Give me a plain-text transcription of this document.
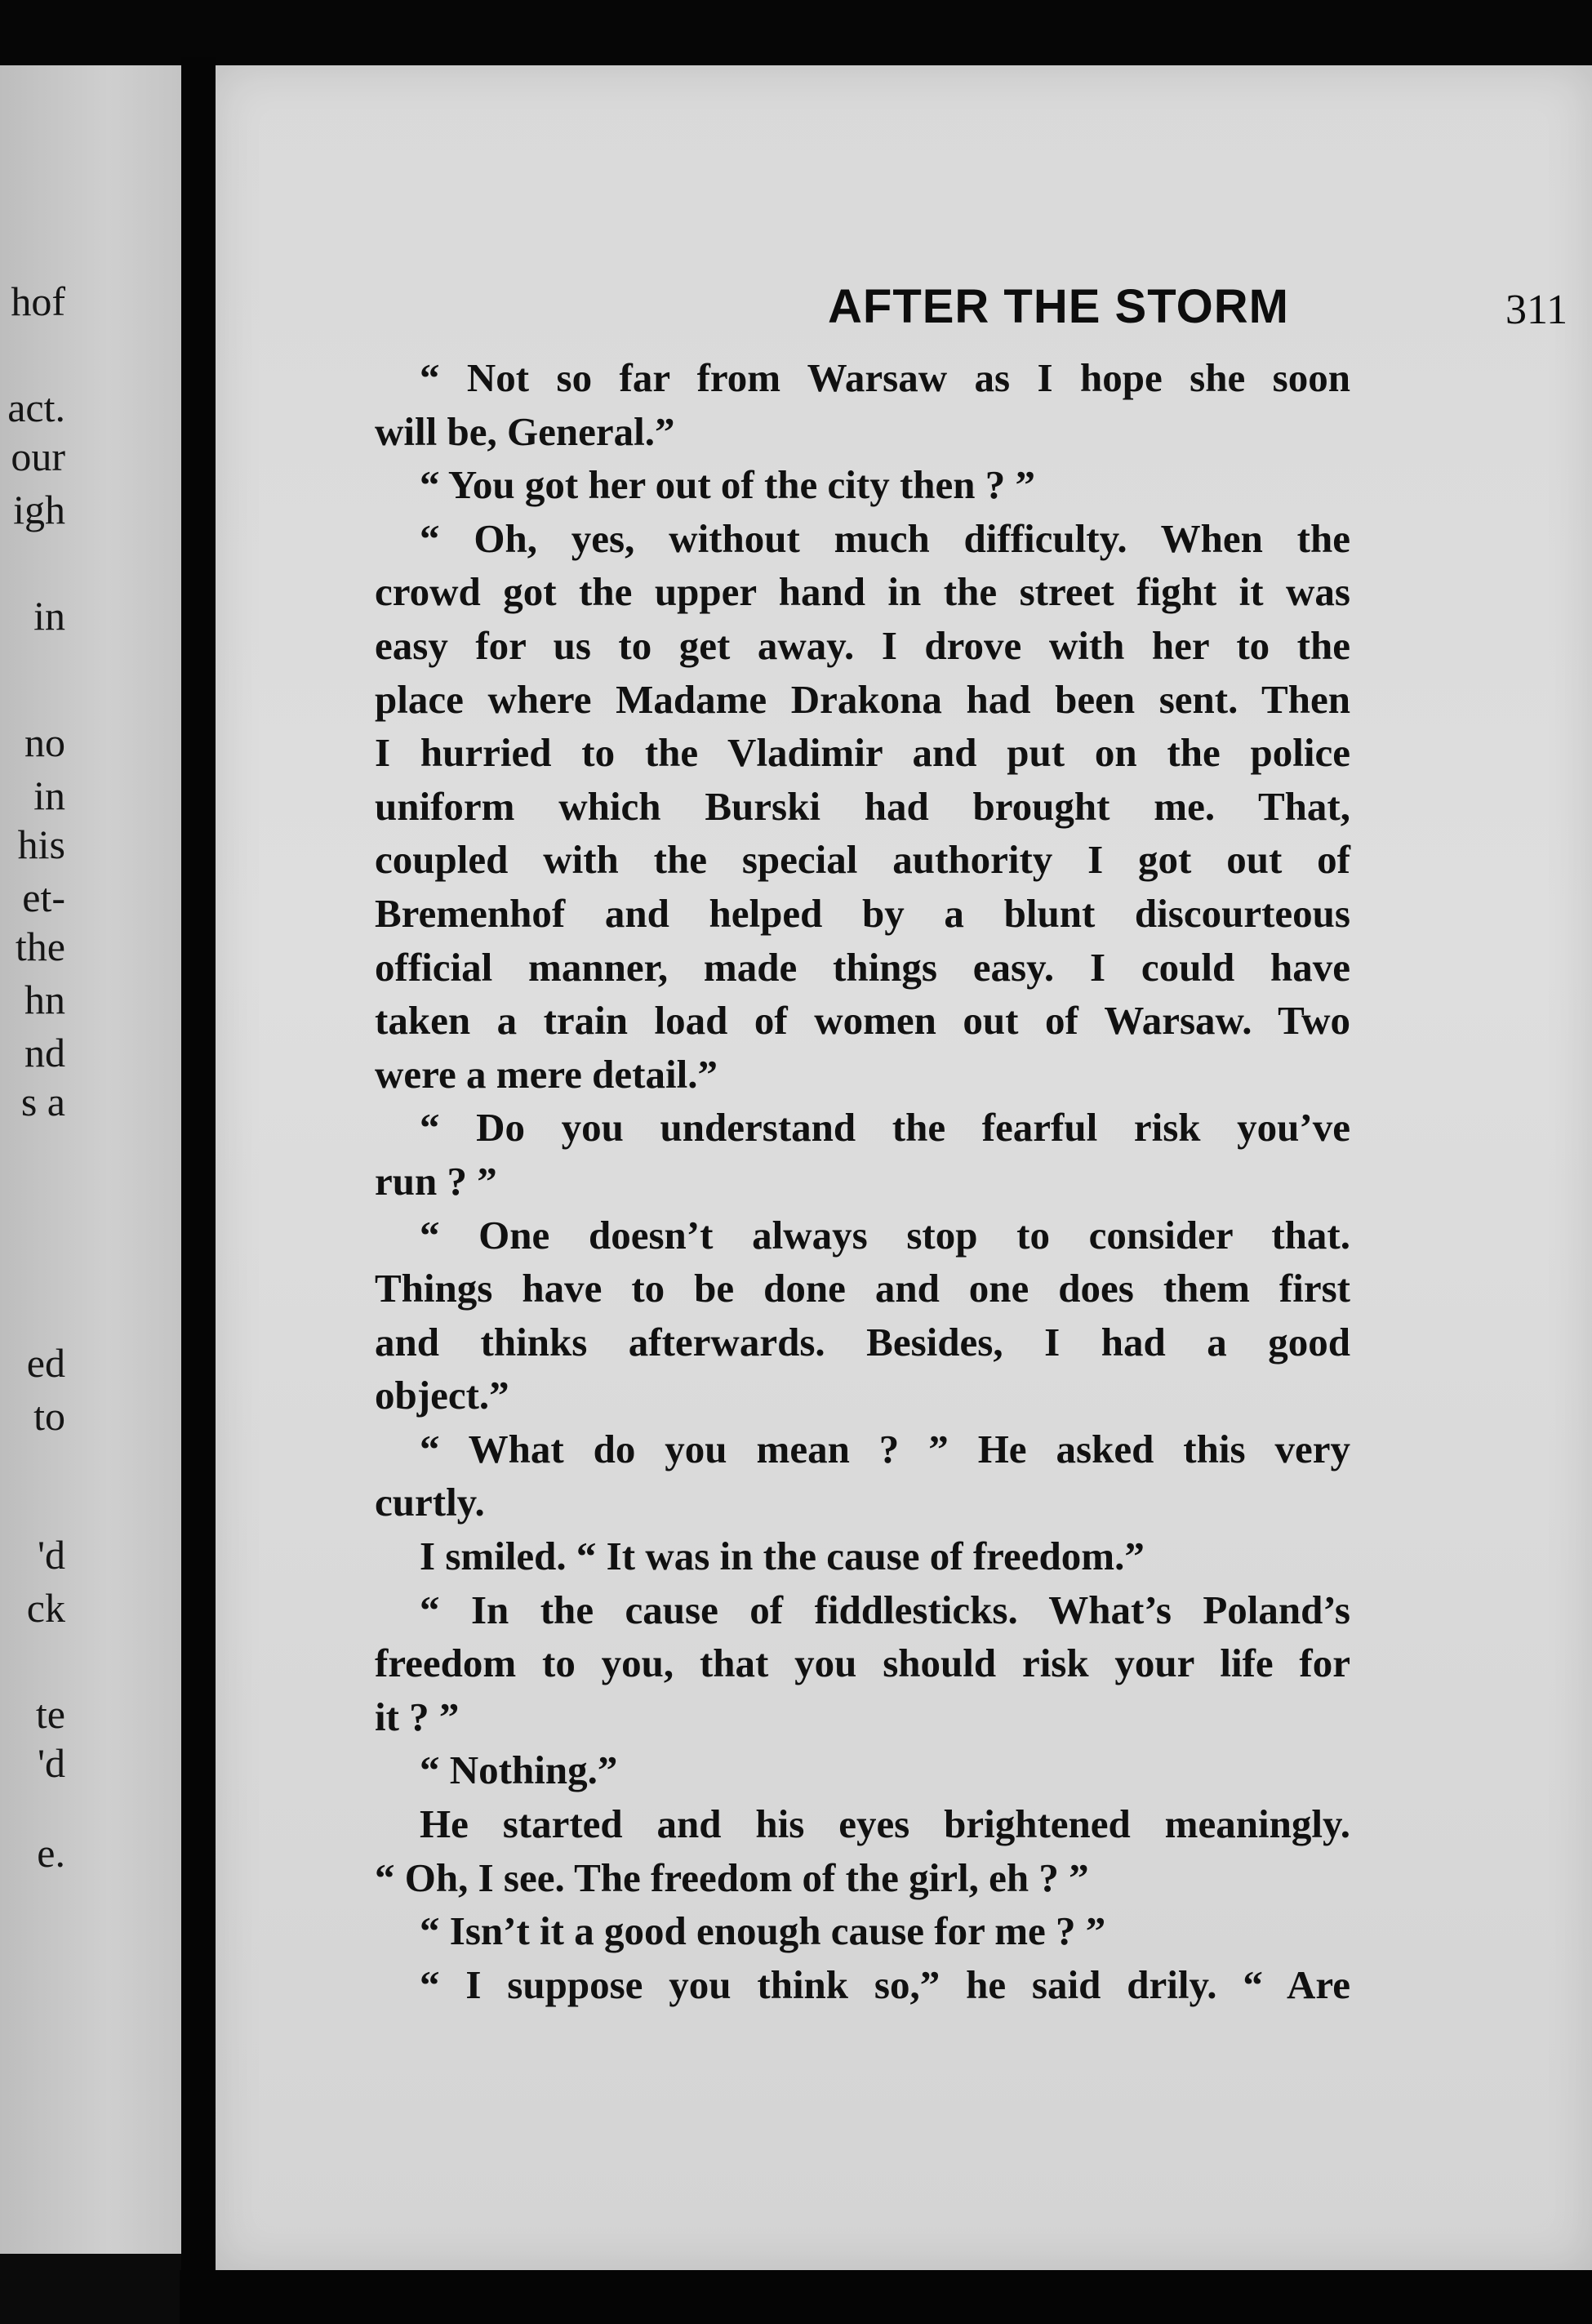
hof
act.
our
igh
in
no
in
his
et-
the
hn
nd
s a
ed
to
'd
ck
te
'd
e.
AFTER THE STORM	311
“ Not so far from Warsaw as I hope she soon
will be, General.”
“ You got her out of the city then ? ”
“ Oh, yes, without much difficulty. When the
crowd got the upper hand in the street fight it was
easy for us to get away. I drove with her to the
place where Madame Drakona had been sent. Then
I hurried to the Vladimir and put on the police
uniform which Burski had brought me. That,
coupled with the special authority I got out of
Bremenhof and helped by a blunt discourteous
official manner, made things easy. I could have
taken a train load of women out of Warsaw. Two
were a mere detail.”
“ Do you understand the fearful risk you’ve
run ? ”
“ One doesn’t always stop to consider that.
Things have to be done and one does them first
and thinks afterwards. Besides, I had a good
object.”
“ What do you mean ? ” He asked this very
curtly.
I smiled. “ It was in the cause of freedom.”
“ In the cause of fiddlesticks. What’s Poland’s
freedom to you, that you should risk your life for
it ? ”
“ Nothing.”
He started and his eyes brightened meaningly.
“ Oh, I see. The freedom of the girl, eh ? ”
“ Isn’t it a good enough cause for me ? ”
“ I suppose you think so,” he said drily. “ Are
